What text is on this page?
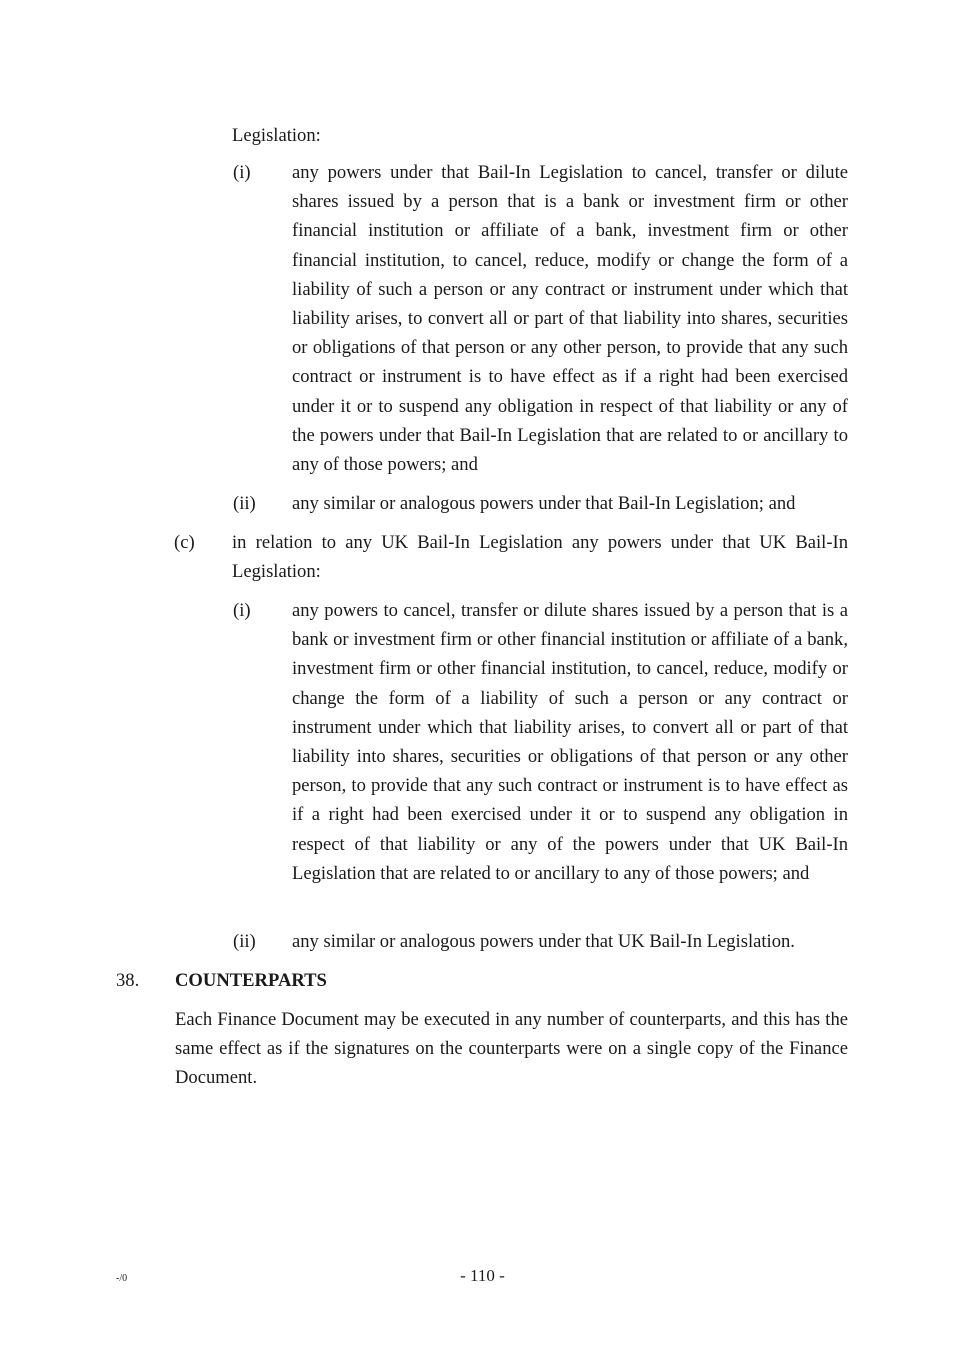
Legislation:
(i) any powers under that Bail-In Legislation to cancel, transfer or dilute shares issued by a person that is a bank or investment firm or other financial institution or affiliate of a bank, investment firm or other financial institution, to cancel, reduce, modify or change the form of a liability of such a person or any contract or instrument under which that liability arises, to convert all or part of that liability into shares, securities or obligations of that person or any other person, to provide that any such contract or instrument is to have effect as if a right had been exercised under it or to suspend any obligation in respect of that liability or any of the powers under that Bail-In Legislation that are related to or ancillary to any of those powers; and
(ii) any similar or analogous powers under that Bail-In Legislation; and
(c) in relation to any UK Bail-In Legislation any powers under that UK Bail-In Legislation:
(i) any powers to cancel, transfer or dilute shares issued by a person that is a bank or investment firm or other financial institution or affiliate of a bank, investment firm or other financial institution, to cancel, reduce, modify or change the form of a liability of such a person or any contract or instrument under which that liability arises, to convert all or part of that liability into shares, securities or obligations of that person or any other person, to provide that any such contract or instrument is to have effect as if a right had been exercised under it or to suspend any obligation in respect of that liability or any of the powers under that UK Bail-In Legislation that are related to or ancillary to any of those powers; and
(ii) any similar or analogous powers under that UK Bail-In Legislation.
38. COUNTERPARTS
Each Finance Document may be executed in any number of counterparts, and this has the same effect as if the signatures on the counterparts were on a single copy of the Finance Document.
-/0	- 110 -
